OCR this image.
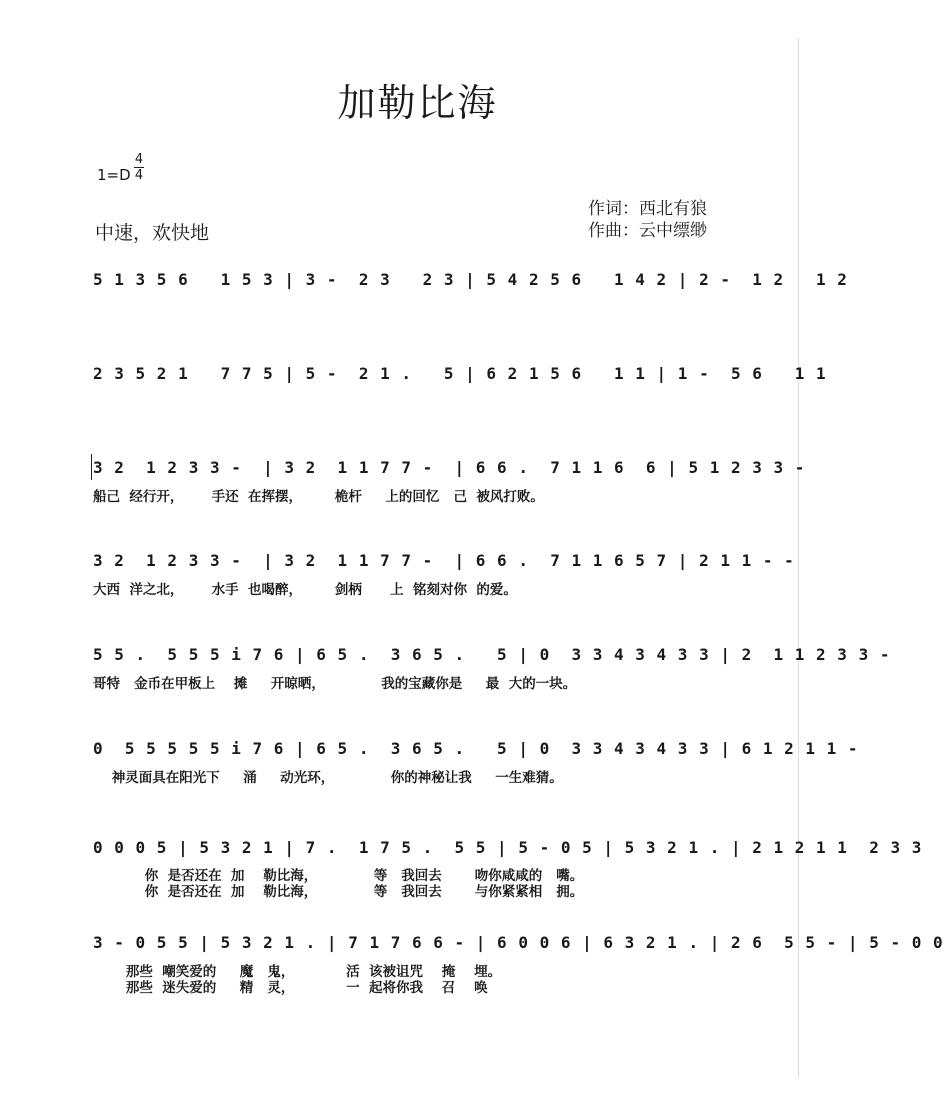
加勒比海
1=D
4
4
中速，欢快地
作词：西北有狼
作曲：云中缥缈
5 1 3 5 6   1 5 3 | 3 -  2 3   2 3 | 5 4 2 5 6   1 4 2 | 2 -  1 2   1 2
2 3 5 2 1   7 7 5 | 5 -  2 1 .   5 | 6 2 1 5 6   1 1 | 1 -  5 6   1 1
3 2  1 2 3 3 -  | 3 2  1 1 7 7 -  | 6 6 .  7 1 1 6  6 | 5 1 2 3 3 -
船己  经行开，      手还  在挥摆，       桅杆     上的回忆   己  被风打败。
3 2  1 2 3 3 -  | 3 2  1 1 7 7 -  | 6 6 .  7 1 1 6 5 7 | 2 1 1 - -
大西  洋之北，      水手  也喝醉，       剑柄      上  铭刻对你  的爱。
5 5 .  5 5 5 i 7 6 | 6 5 .  3 6 5 .   5 | 0  3 3 4 3 4 3 3 | 2  1 1 2 3 3 -
哥特   金币在甲板上    摊     开晾晒，            我的宝藏你是     最  大的一块。
0  5 5 5 5 5 i 7 6 | 6 5 .  3 6 5 .   5 | 0  3 3 4 3 4 3 3 | 6 1 2 1 1 -
神灵面具在阳光下     涌     动光环，            你的神秘让我     一生难猜。
0 0 0 5 | 5 3 2 1 | 7 .  1 7 5 .  5 5 | 5 - 0 5 | 5 3 2 1 . | 2 1 2 1 1  2 3 3
你  是否还在  加    勒比海，            等   我回去       吻你咸咸的   嘴。
你  是否还在  加    勒比海，            等   我回去       与你紧紧相   拥。
3 - 0 5 5 | 5 3 2 1 . | 7 1 7 6 6 - | 6 0 0 6 | 6 3 2 1 . | 2 6  5 5 - | 5 - 0 0
那些  嘲笑爱的     魔   鬼，           活  该被诅咒    掩    埋。
那些  迷失爱的     精   灵，           一  起将你我    召    唤
